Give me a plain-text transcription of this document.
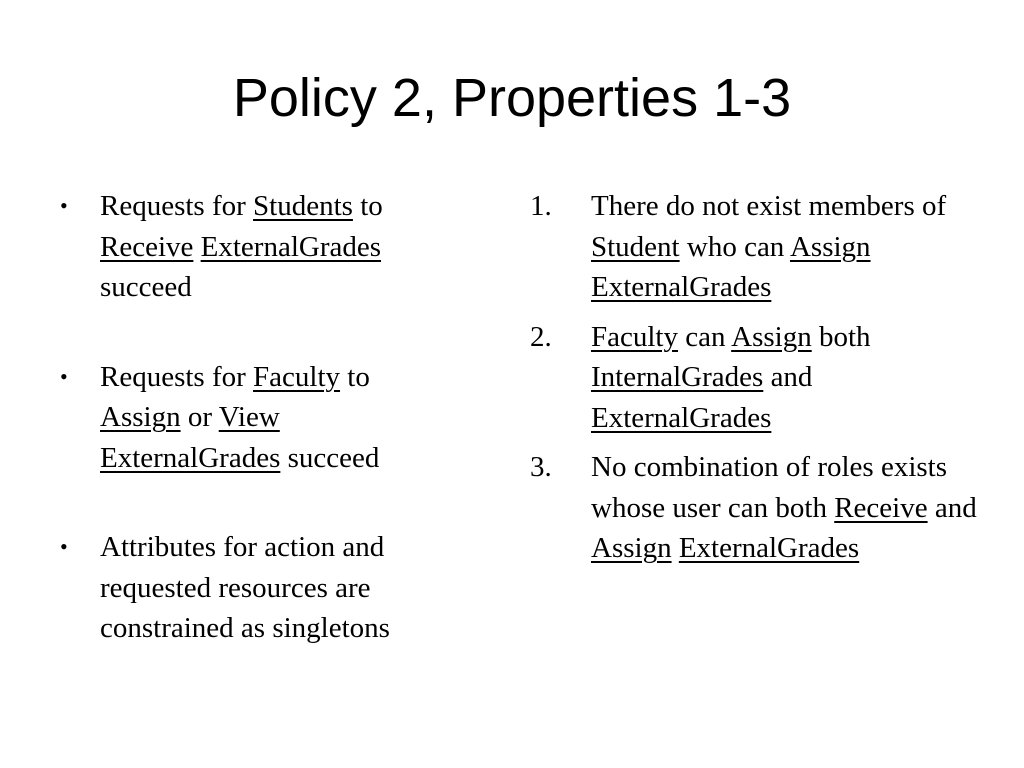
Policy 2, Properties 1-3

• Requests for Students to Receive ExternalGrades succeed

• Requests for Faculty to Assign or View ExternalGrades succeed

• Attributes for action and requested resources are constrained as singletons

1. There do not exist members of Student who can Assign ExternalGrades

2. Faculty can Assign both InternalGrades and ExternalGrades

3. No combination of roles exists whose user can both Receive and Assign ExternalGrades
